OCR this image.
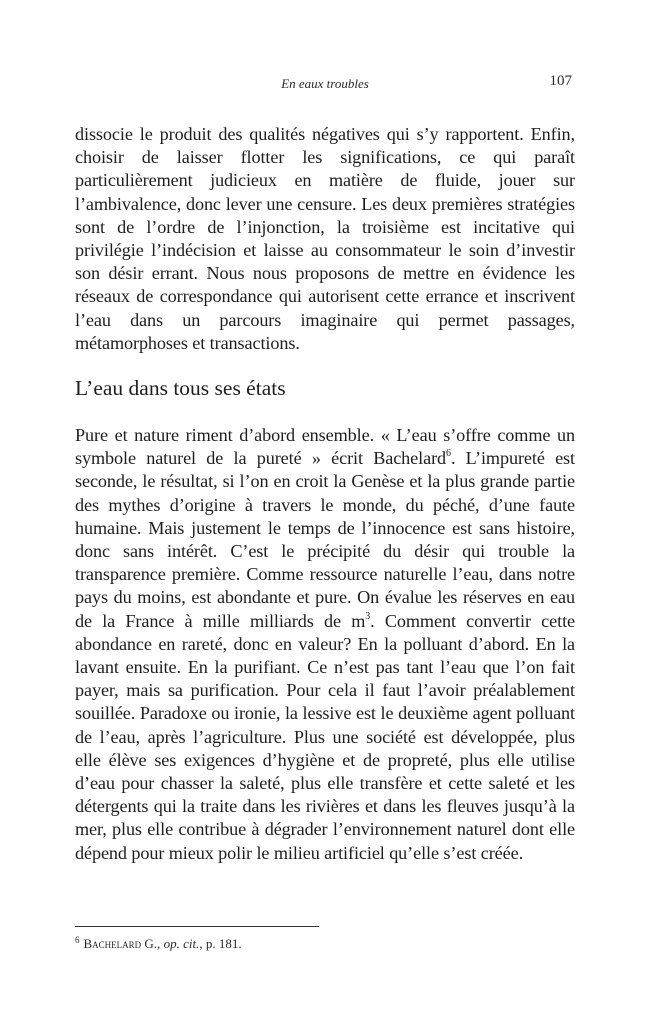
En eaux troubles	107

dissocie le produit des qualités négatives qui s’y rapportent. Enfin, choisir de laisser flotter les significations, ce qui paraît particulièrement judicieux en matière de fluide, jouer sur l’ambivalence, donc lever une censure. Les deux premières stratégies sont de l’ordre de l’injonction, la troisième est incitative qui privilégie l’indécision et laisse au consommateur le soin d’investir son désir errant. Nous nous proposons de mettre en évidence les réseaux de correspondance qui autorisent cette errance et inscrivent l’eau dans un parcours imaginaire qui permet passages, métamorphoses et transactions.

L’eau dans tous ses états

Pure et nature riment d’abord ensemble. « L’eau s’offre comme un symbole naturel de la pureté » écrit Bachelard$^6$. L’impureté est seconde, le résultat, si l’on en croit la Genèse et la plus grande partie des mythes d’origine à travers le monde, du péché, d’une faute humaine. Mais justement le temps de l’innocence est sans histoire, donc sans intérêt. C’est le précipité du désir qui trouble la transparence première. Comme ressource naturelle l’eau, dans notre pays du moins, est abondante et pure. On évalue les réserves en eau de la France à mille milliards de $m^3$. Comment convertir cette abondance en rareté, donc en valeur? En la polluant d’abord. En la lavant ensuite. En la purifiant. Ce n’est pas tant l’eau que l’on fait payer, mais sa purification. Pour cela il faut l’avoir préalablement souillée. Paradoxe ou ironie, la lessive est le deuxième agent polluant de l’eau, après l’agriculture. Plus une société est développée, plus elle élève ses exigences d’hygiène et de propreté, plus elle utilise d’eau pour chasser la saleté, plus elle transfère et cette saleté et les détergents qui la traite dans les rivières et dans les fleuves jusqu’à la mer, plus elle contribue à dégrader l’environnement naturel dont elle dépend pour mieux polir le milieu artificiel qu’elle s’est créée.

$^6$ Bachelard G., op. cit., p. 181.
